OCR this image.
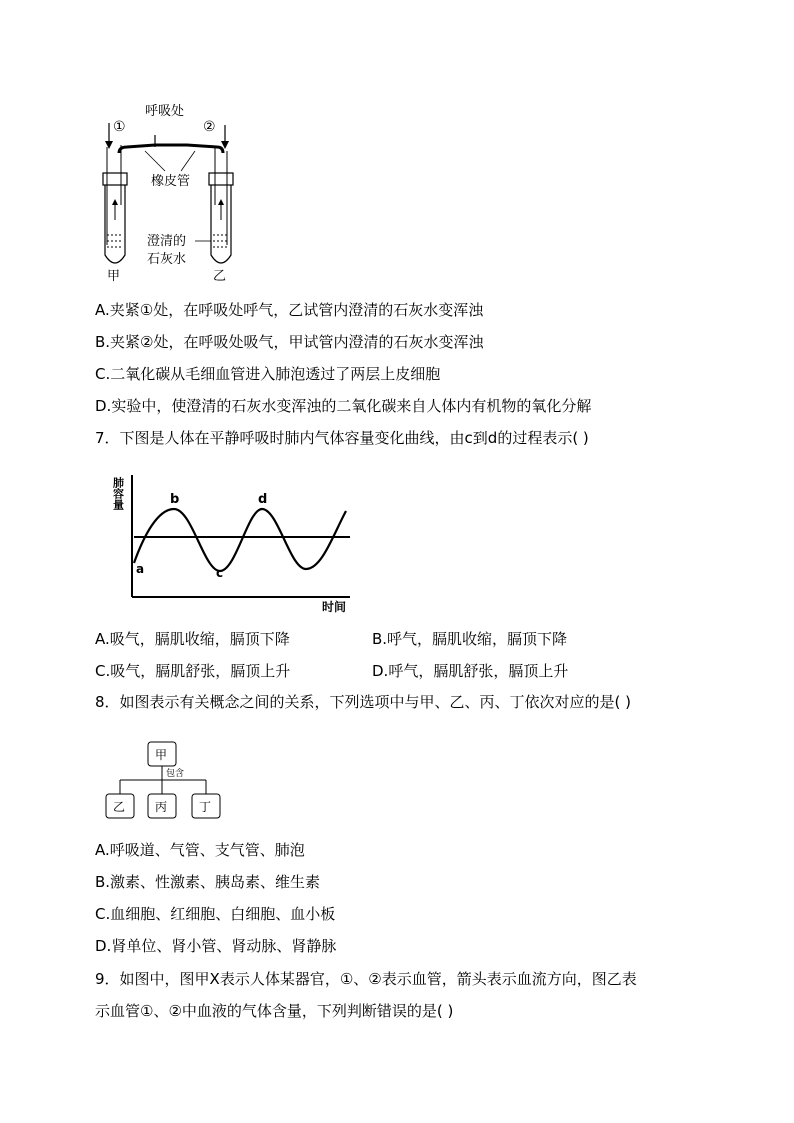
①	②
呼吸处
橡皮管
澄清的
石灰水
甲	乙
A.夹紧①处，在呼吸处呼气，乙试管内澄清的石灰水变浑浊
B.夹紧②处，在呼吸处吸气，甲试管内澄清的石灰水变浑浊
C.二氧化碳从毛细血管进入肺泡透过了两层上皮细胞
D.实验中，使澄清的石灰水变浑浊的二氧化碳来自人体内有机物的氧化分解
7．下图是人体在平静呼吸时肺内气体容量变化曲线，由c到d的过程表示( )
肺容量
时间
a
b
c
d
A.吸气，膈肌收缩，膈顶下降	B.呼气，膈肌收缩，膈顶下降
C.吸气，膈肌舒张，膈顶上升	D.呼气，膈肌舒张，膈顶上升
8．如图表示有关概念之间的关系，下列选项中与甲、乙、丙、丁依次对应的是( )
甲
包含
乙 丙	丁
A.呼吸道、气管、支气管、肺泡
B.激素、性激素、胰岛素、维生素
C.血细胞、红细胞、白细胞、血小板
D.肾单位、肾小管、肾动脉、肾静脉
9．如图中，图甲X表示人体某器官，①、②表示血管，箭头表示血流方向，图乙表
示血管①、②中血液的气体含量，下列判断错误的是( )
